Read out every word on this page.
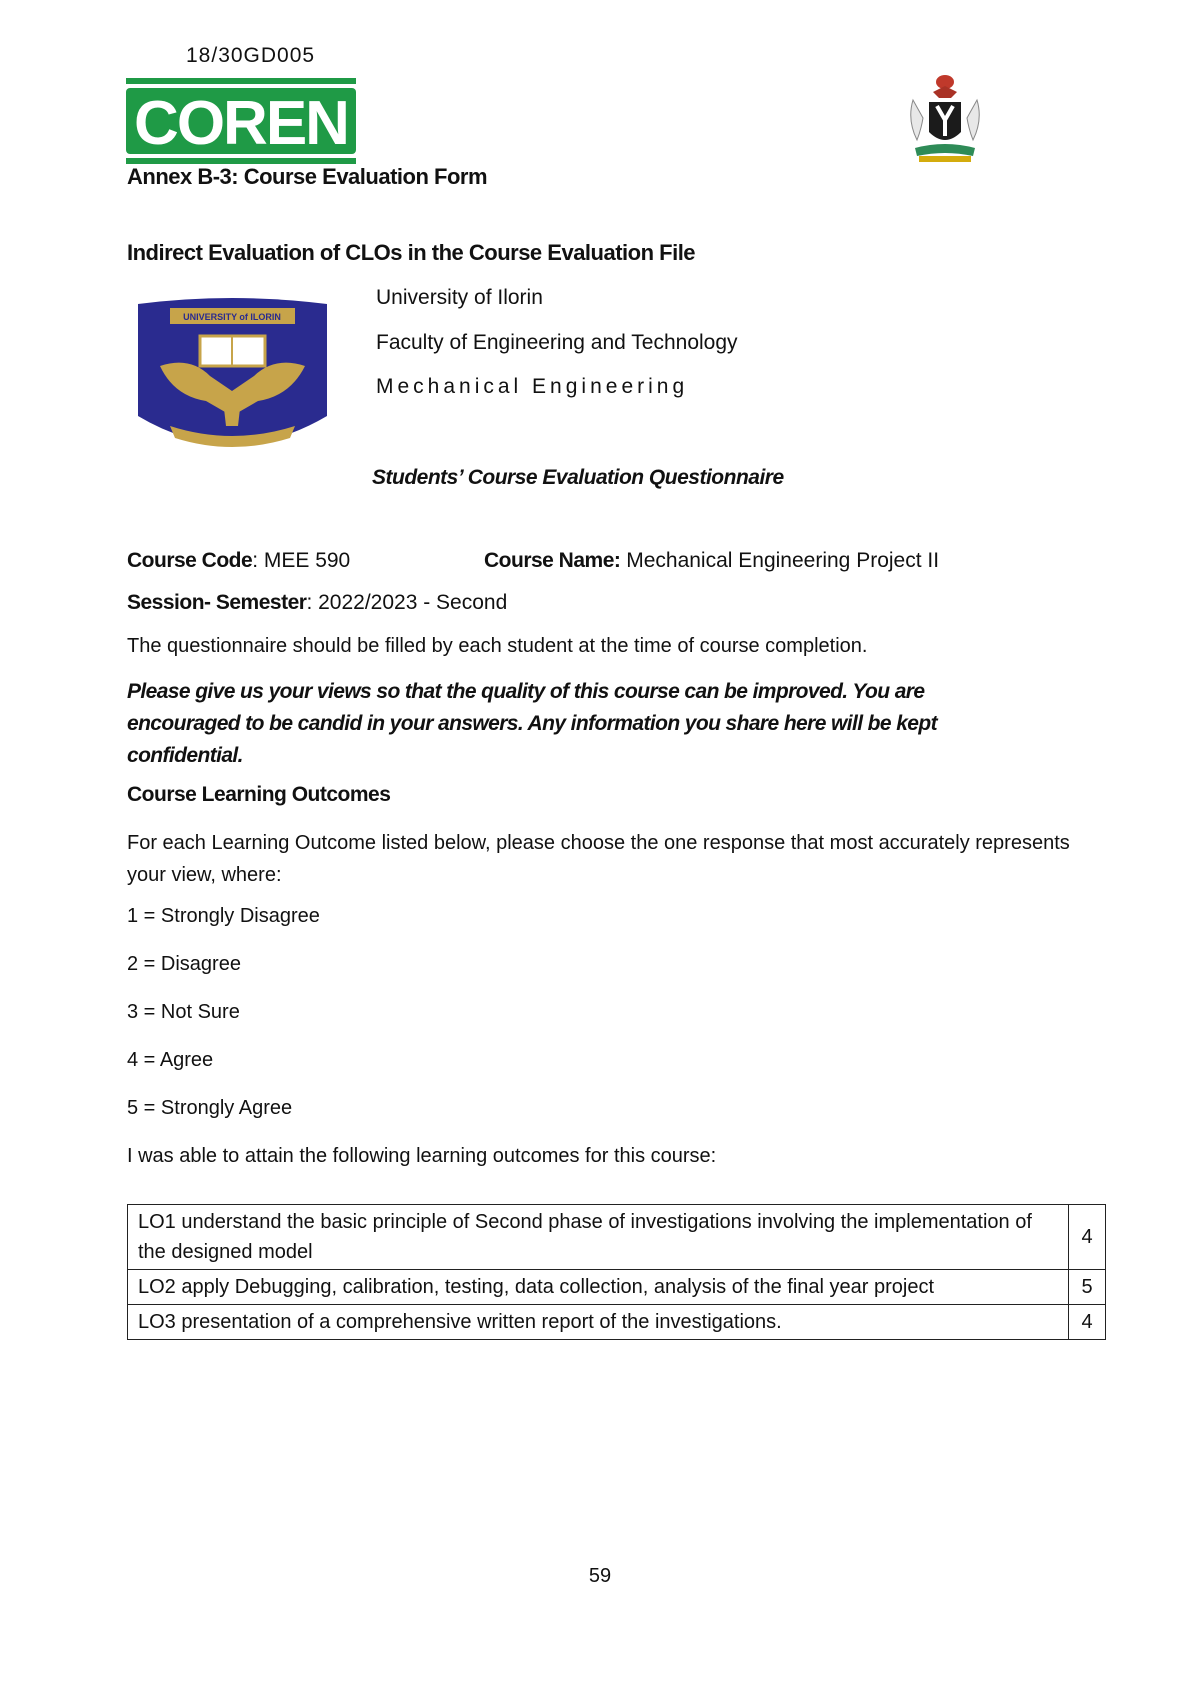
18/30GD005
COREN
Annex B-3: Course Evaluation Form
Indirect Evaluation of CLOs in the Course Evaluation File
UNIVERSITY of ILORIN
University of Ilorin
Faculty of Engineering and Technology
Mechanical Engineering
Students’ Course Evaluation Questionnaire
Course Code: MEE 590	Course Name: Mechanical Engineering Project II
Session- Semester: 2022/2023 - Second
The questionnaire should be filled by each student at the time of course completion.
Please give us your views so that the quality of this course can be improved. You are encouraged to be candid in your answers. Any information you share here will be kept confidential.
Course Learning Outcomes
For each Learning Outcome listed below, please choose the one response that most accurately represents your view, where:
1 = Strongly Disagree
2 = Disagree
3 = Not Sure
4 = Agree
5 = Strongly Agree
I was able to attain the following learning outcomes for this course:
LO1 understand the basic principle of Second phase of investigations involving the implementation of the designed model	4
LO2 apply Debugging, calibration, testing, data collection, analysis of the final year project	5
LO3 presentation of a comprehensive written report of the investigations.	4
59
